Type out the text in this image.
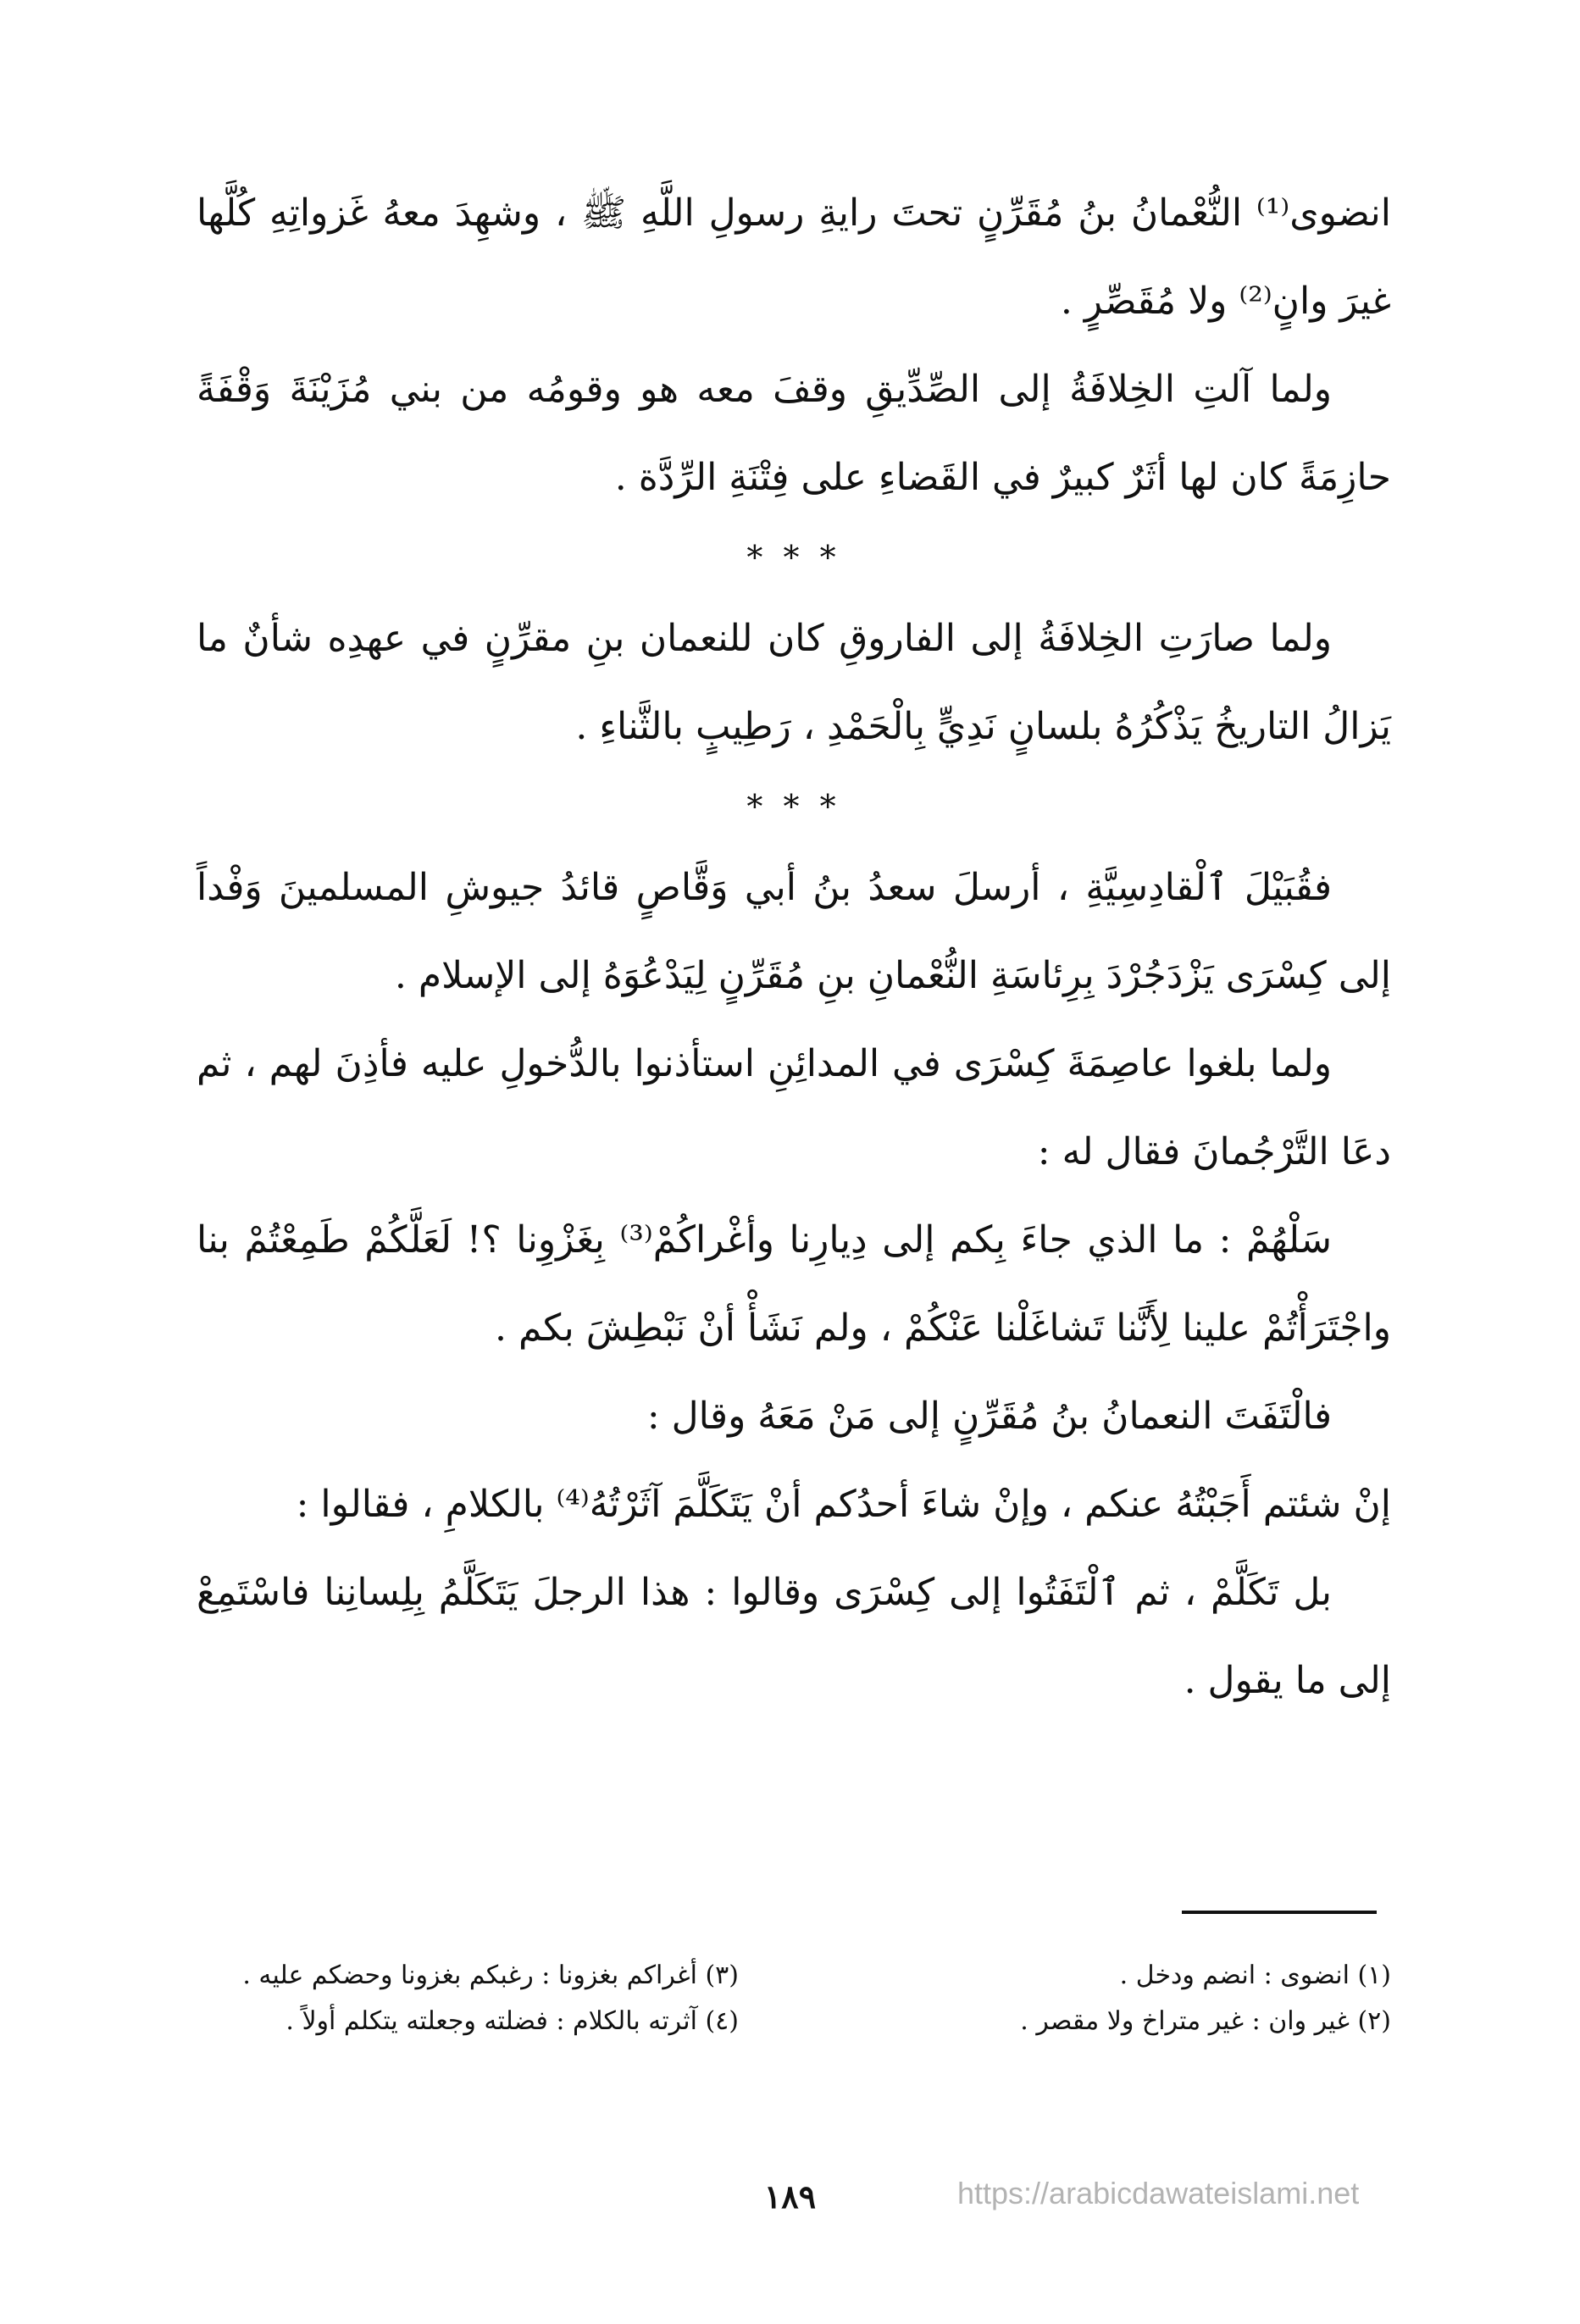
انضوى⁽¹⁾ النُّعْمانُ بنُ مُقَرِّنٍ تحتَ رايةِ رسولِ اللَّهِ ﷺ ، وشهِدَ معهُ غَزواتِهِ كُلَّها غيرَ وانٍ⁽²⁾ ولا مُقَصِّرٍ .

ولما آلتِ الخِلافَةُ إلى الصِّدِّيقِ وقفَ معه هو وقومُه من بني مُزَيْنَةَ وَقْفَةً حازِمَةً كان لها أثَرٌ كبيرٌ في القَضاءِ على فِتْنَةِ الرِّدَّة .

* * *

ولما صارَتِ الخِلافَةُ إلى الفاروقِ كان للنعمان بنِ مقرِّنٍ في عهدِه شأنٌ ما يَزالُ التاريخُ يَذْكُرُهُ بلسانٍ نَدِيٍّ بِالْحَمْدِ ، رَطِيبٍ بالثَّناءِ .

* * *

فقُبَيْلَ ٱلْقادِسِيَّةِ ، أرسلَ سعدُ بنُ أبي وَقَّاصٍ قائدُ جيوشِ المسلمينَ وَفْداً إلى كِسْرَى يَزْدَجُرْدَ بِرِئاسَةِ النُّعْمانِ بنِ مُقَرِّنٍ لِيَدْعُوَهُ إلى الإسلام .

ولما بلغوا عاصِمَةَ كِسْرَى في المدائِنِ استأذنوا بالدُّخولِ عليه فأذِنَ لهم ، ثم دعَا التَّرْجُمانَ فقال له :

سَلْهُمْ : ما الذي جاءَ بِكم إلى دِيارِنا وأغْراكُمْ⁽³⁾ بِغَزْوِنا ؟! لَعَلَّكُمْ طَمِعْتُمْ بنا واجْتَرَأْتُمْ علينا لِأَنَّنا تَشاغَلْنا عَنْكُمْ ، ولم نَشَأْ أنْ نَبْطِشَ بكم .

فالْتَفَتَ النعمانُ بنُ مُقَرِّنٍ إلى مَنْ مَعَهُ وقال :

إنْ شئتم أَجَبْتُهُ عنكم ، وإنْ شاءَ أحدُكم أنْ يَتَكَلَّمَ آثَرْتُهُ⁽⁴⁾ بالكلامِ ، فقالوا :

بل تَكَلَّمْ ، ثم ٱلْتَفَتُوا إلى كِسْرَى وقالوا : هذا الرجلَ يَتَكَلَّمُ بِلِسانِنا فاسْتَمِعْ إلى ما يقول .

(١) انضوى : انضم ودخل .
(٢) غير وان : غير متراخ ولا مقصر .
(٣) أغراكم بغزونا : رغبكم بغزونا وحضكم عليه .
(٤) آثرته بالكلام : فضلته وجعلته يتكلم أولاً .
١٨٩	https://arabicdawateislami.net
